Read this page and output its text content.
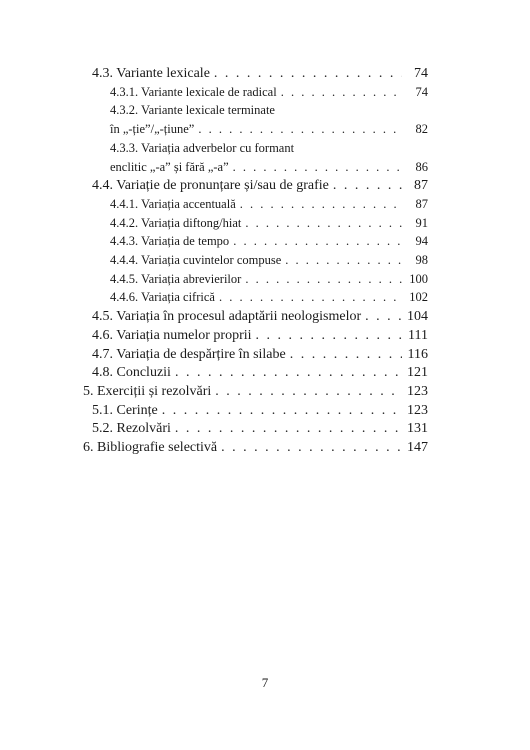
4.3. Variante lexicale . . .	74
4.3.1. Variante lexicale de radical . . .	74
4.3.2. Variante lexicale terminate
în „-ție”/„-țiune” . . .	82
4.3.3. Variația adverbelor cu formant
enclitic „-a” și fără „-a” . . .	86
4.4. Variație de pronunțare și/sau de grafie . . .	87
4.4.1. Variația accentuală . . .	87
4.4.2. Variația diftong/hiat . . .	91
4.4.3. Variația de tempo . . .	94
4.4.4. Variația cuvintelor compuse . . .	98
4.4.5. Variația abrevierilor . . .	100
4.4.6. Variația cifrică . . .	102
4.5. Variația în procesul adaptării neologismelor . . .	104
4.6. Variația numelor proprii . . .	111
4.7. Variația de despărțire în silabe . . .	116
4.8. Concluzii . . .	121
5. Exerciții și rezolvări . . .	123
5.1. Cerințe . . .	123
5.2. Rezolvări . . .	131
6. Bibliografie selectivă . . .	147
7
